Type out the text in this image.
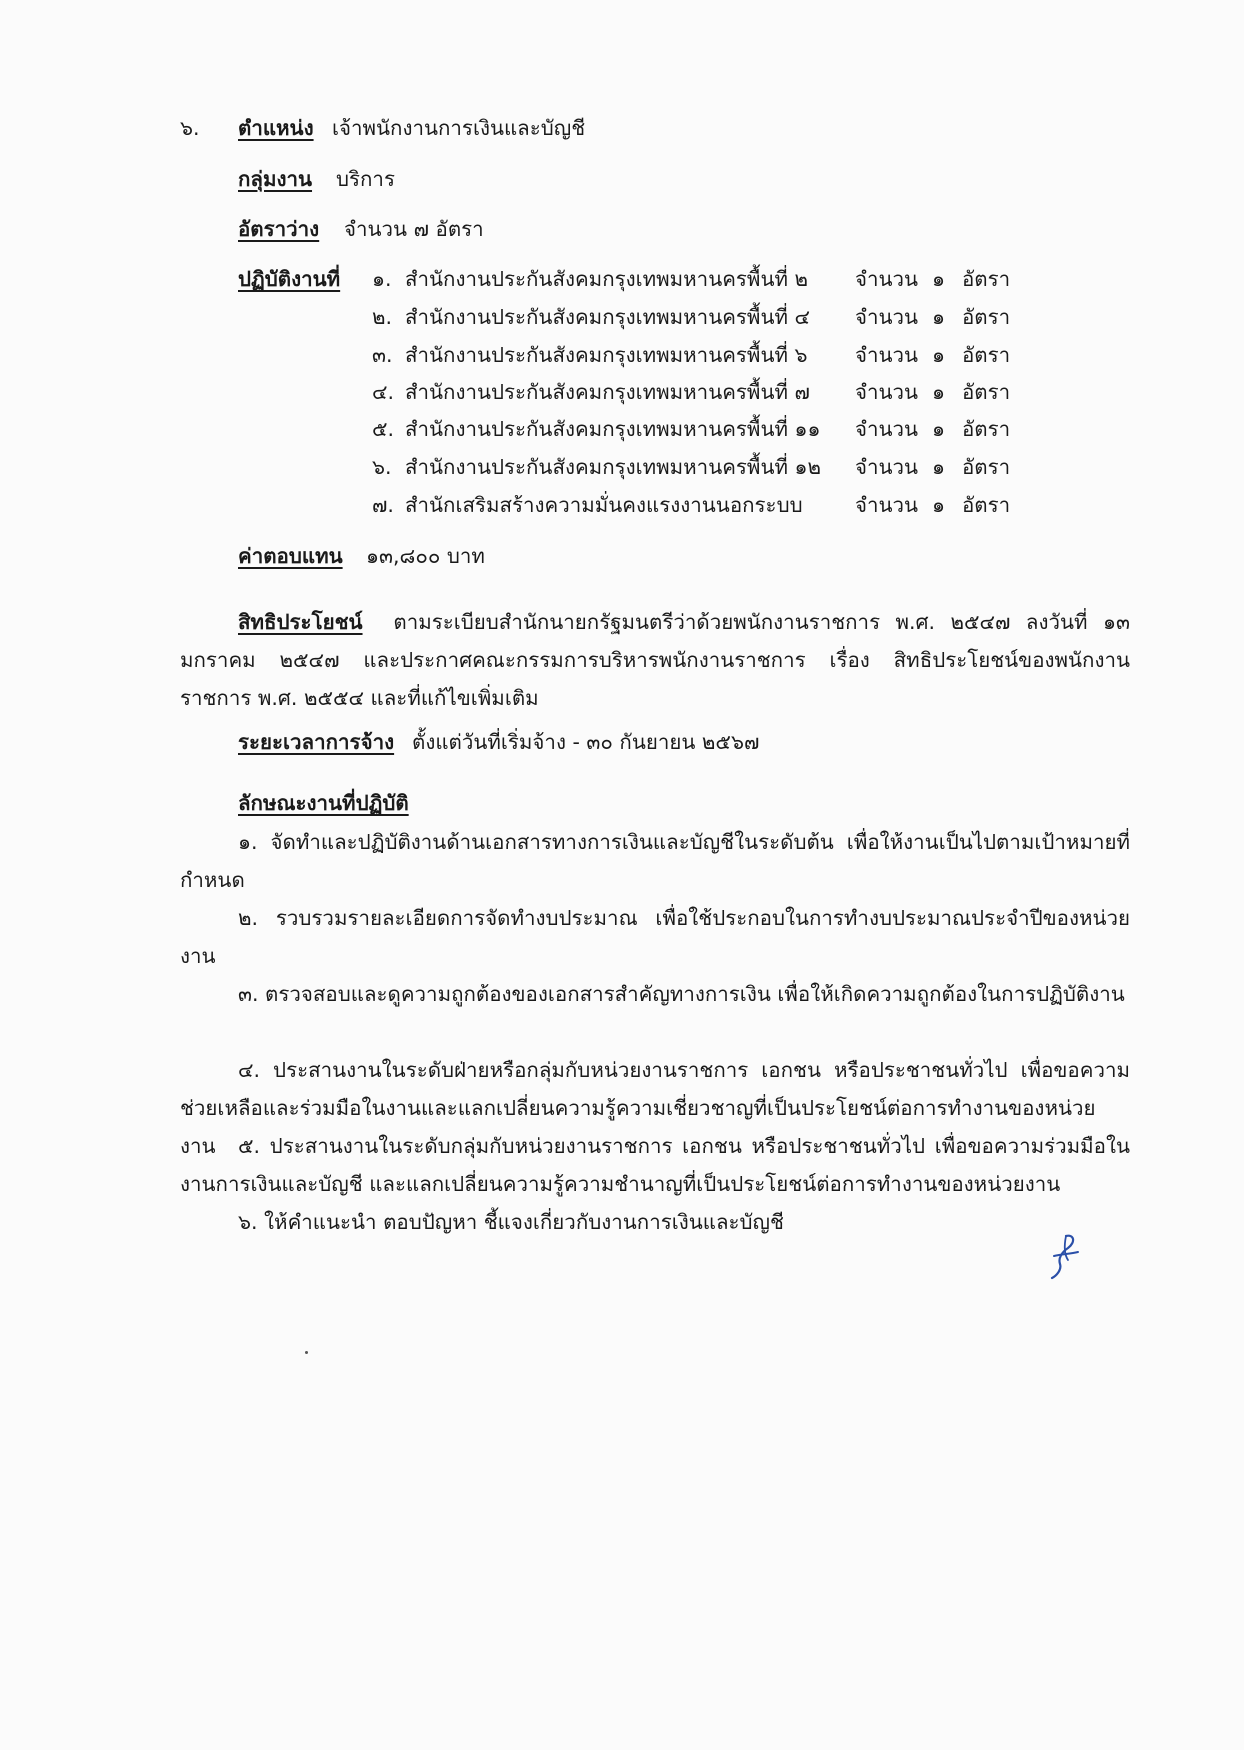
๖. ตำแหน่ง เจ้าพนักงานการเงินและบัญชี
กลุ่มงาน บริการ
อัตราว่าง จำนวน ๗ อัตรา
ปฏิบัติงานที่ ๑. สำนักงานประกันสังคมกรุงเทพมหานครพื้นที่ ๒ จำนวน ๑ อัตรา
๒. สำนักงานประกันสังคมกรุงเทพมหานครพื้นที่ ๔ จำนวน ๑ อัตรา
๓. สำนักงานประกันสังคมกรุงเทพมหานครพื้นที่ ๖ จำนวน ๑ อัตรา
๔. สำนักงานประกันสังคมกรุงเทพมหานครพื้นที่ ๗ จำนวน ๑ อัตรา
๕. สำนักงานประกันสังคมกรุงเทพมหานครพื้นที่ ๑๑ จำนวน ๑ อัตรา
๖. สำนักงานประกันสังคมกรุงเทพมหานครพื้นที่ ๑๒ จำนวน ๑ อัตรา
๗. สำนักเสริมสร้างความมั่นคงแรงงานนอกระบบ	จำนวน ๑ อัตรา
ค่าตอบแทน ๑๓,๘๐๐ บาท
สิทธิประโยชน์ ตามระเบียบสำนักนายกรัฐมนตรีว่าด้วยพนักงานราชการ พ.ศ. ๒๕๔๗ ลงวันที่ ๑๓ มกราคม ๒๕๔๗ และประกาศคณะกรรมการบริหารพนักงานราชการ เรื่อง สิทธิประโยชน์ของพนักงานราชการ พ.ศ. ๒๕๕๔ และที่แก้ไขเพิ่มเติม
ระยะเวลาการจ้าง ตั้งแต่วันที่เริ่มจ้าง - ๓๐ กันยายน ๒๕๖๗
ลักษณะงานที่ปฏิบัติ
๑. จัดทำและปฏิบัติงานด้านเอกสารทางการเงินและบัญชีในระดับต้น เพื่อให้งานเป็นไปตามเป้าหมายที่กำหนด
๒. รวบรวมรายละเอียดการจัดทำงบประมาณ เพื่อใช้ประกอบในการทำงบประมาณประจำปีของหน่วยงาน
๓. ตรวจสอบและดูความถูกต้องของเอกสารสำคัญทางการเงิน เพื่อให้เกิดความถูกต้องในการปฏิบัติงาน
๔. ประสานงานในระดับฝ่ายหรือกลุ่มกับหน่วยงานราชการ เอกชน หรือประชาชนทั่วไป เพื่อขอความช่วยเหลือและร่วมมือในงานและแลกเปลี่ยนความรู้ความเชี่ยวชาญที่เป็นประโยชน์ต่อการทำงานของหน่วยงาน	๕. ประสานงานในระดับกลุ่มกับหน่วยงานราชการ เอกชน หรือประชาชนทั่วไป เพื่อขอความร่วมมือในงานการเงินและบัญชี และแลกเปลี่ยนความรู้ความชำนาญที่เป็นประโยชน์ต่อการทำงานของหน่วยงาน
๖. ให้คำแนะนำ ตอบปัญหา ชี้แจงเกี่ยวกับงานการเงินและบัญชี
